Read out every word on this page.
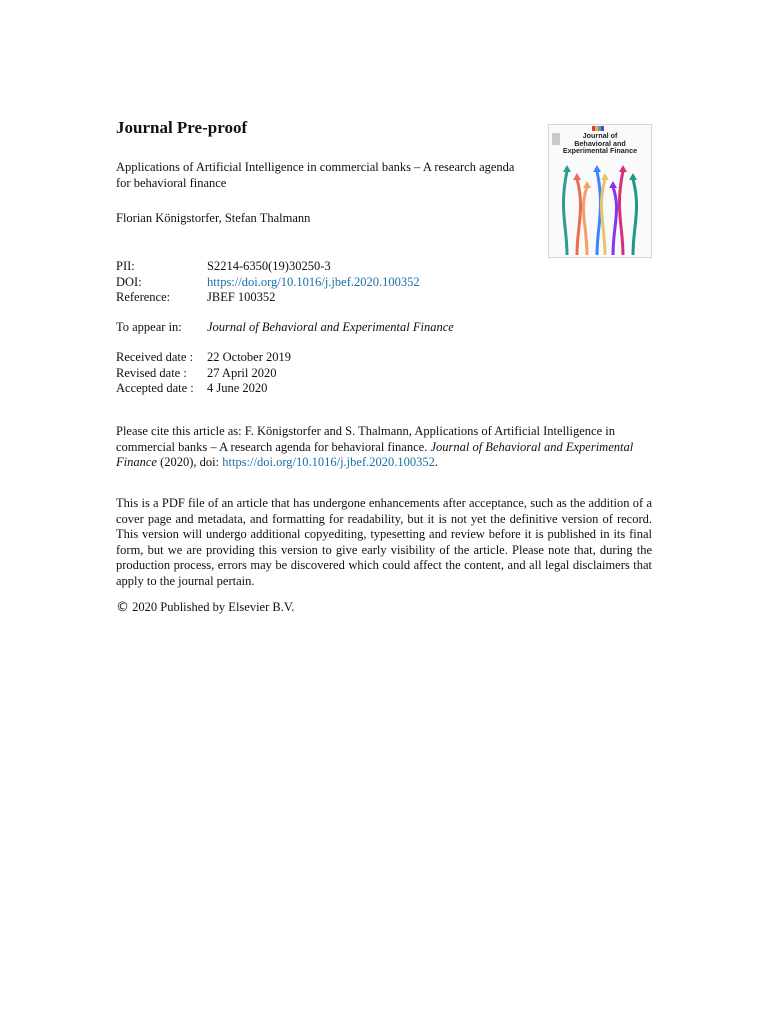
Journal Pre-proof
Applications of Artificial Intelligence in commercial banks – A research agenda for behavioral finance
Florian Königstorfer, Stefan Thalmann
PII:	S2214-6350(19)30250-3
DOI:	https://doi.org/10.1016/j.jbef.2020.100352
Reference:	JBEF 100352
To appear in:	Journal of Behavioral and Experimental Finance
Received date :	22 October 2019
Revised date :	27 April 2020
Accepted date :	4 June 2020
Please cite this article as: F. Königstorfer and S. Thalmann, Applications of Artificial Intelligence in commercial banks – A research agenda for behavioral finance. Journal of Behavioral and Experimental Finance (2020), doi: https://doi.org/10.1016/j.jbef.2020.100352.
This is a PDF file of an article that has undergone enhancements after acceptance, such as the addition of a cover page and metadata, and formatting for readability, but it is not yet the definitive version of record. This version will undergo additional copyediting, typesetting and review before it is published in its final form, but we are providing this version to give early visibility of the article. Please note that, during the production process, errors may be discovered which could affect the content, and all legal disclaimers that apply to the journal pertain.
© 2020 Published by Elsevier B.V.
Journal of
Behavioral and
Experimental Finance
